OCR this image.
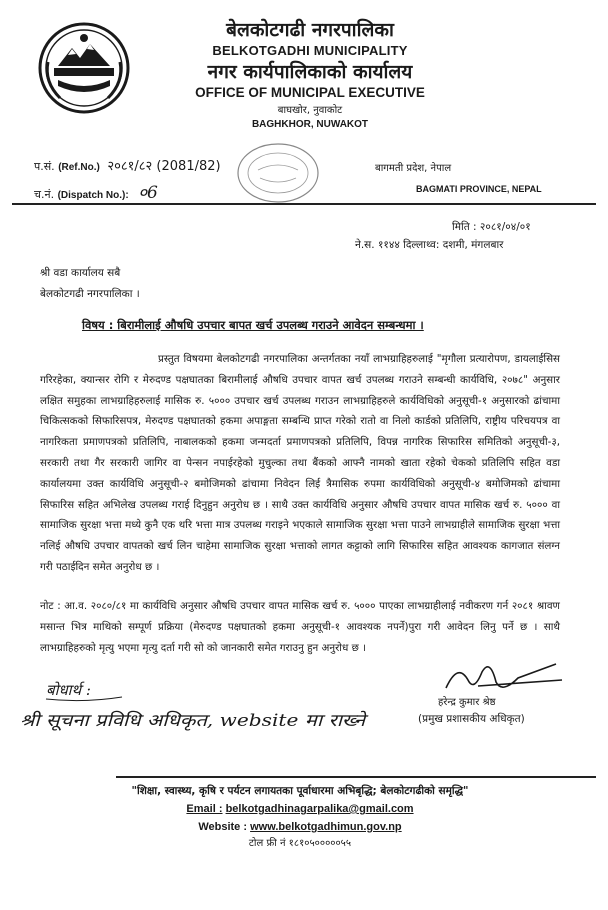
बेलकोटगढी नगरपालिका
BELKOTGADHI MUNICIPALITY
नगर कार्यपालिकाको कार्यालय
OFFICE OF MUNICIPAL EXECUTIVE
बाघखोर, नुवाकोट
BAGHKHOR, NUWAKOT
प.सं. (Ref.No.) २०८१/८२ (2081/82)
च.नं. (Dispatch No.): ०6
बागमती प्रदेश, नेपाल
BAGMATI PROVINCE, NEPAL
मिति : २०८१/०४/०१
ने.स. ११४४ दिल्लाथ्व: दशमी, मंगलबार
श्री वडा कार्यालय सबै
बेलकोटगढी नगरपालिका ।
विषय : बिरामीलाई औषधि उपचार बापत खर्च उपलब्ध गराउने आवेदन सम्बन्धमा ।

प्रस्तुत विषयमा बेलकोटगढी नगरपालिका अन्तर्गतका नयाँ लाभग्राहिहरुलाई "मृगौला प्रत्यारोपण, डायलाईसिस गरिरहेका, क्यान्सर रोगि र मेरुदण्ड पक्षघातका बिरामीलाई औषधि उपचार वापत खर्च उपलब्ध गराउने सम्बन्धी कार्यविधि, २०७८" अनुसार लक्षित समुहका लाभग्राहिहरुलाई मासिक रु. ५००० उपचार खर्च उपलब्ध गराउन लाभग्राहिहरुले कार्यविधिको अनुसूची-१ अनुसारको ढांचामा चिकित्सकको सिफारिसपत्र, मेरुदण्ड पक्षघातको हकमा अपाङ्गता सम्बन्धि प्राप्त गरेको रातो वा निलो कार्डको प्रतिलिपि, राष्ट्रीय परिचयपत्र वा नागरिकता प्रमाणपत्रको प्रतिलिपि, नाबालकको हकमा जन्मदर्ता प्रमाणपत्रको प्रतिलिपि, विपन्न नागरिक सिफारिस समितिको अनुसूची-३, सरकारी तथा गैर सरकारी जागिर वा पेन्सन नपाईरहेको मुचुल्का तथा बैंकको आफ्नै नामको खाता रहेको चेकको प्रतिलिपि सहित वडा कार्यालयमा उक्त कार्यविधि अनुसूची-२ बमोजिमको ढांचामा निवेदन लिई त्रैमासिक रुपमा कार्यविधिको अनुसूची-४ बमोजिमको ढांचामा सिफारिस सहित अभिलेख उपलब्ध गराई दिनुहुन अनुरोध छ । साथै उक्त कार्यविधि अनुसार औषधि उपचार वापत मासिक खर्च रु. ५००० वा सामाजिक सुरक्षा भत्ता मध्ये कुनै एक थरि भत्ता मात्र उपलब्ध गराइने भएकाले सामाजिक सुरक्षा भत्ता पाउने लाभग्राहीले सामाजिक सुरक्षा भत्ता नलिई औषधि उपचार वापतको खर्च लिन चाहेमा सामाजिक सुरक्षा भत्ताको लागत कट्टाको लागि सिफारिस सहित आवश्यक कागजात संलग्न गरी पठाईदिन समेत अनुरोध छ ।

नोट : आ.व. २०८०/८१ मा कार्यविधि अनुसार औषधि उपचार वापत मासिक खर्च रु. ५००० पाएका लाभग्राहीलाई नवीकरण गर्न २०८१ श्रावण मसान्त भित्र माथिको सम्पूर्ण प्रक्रिया (मेरुदण्ड पक्षघातको हकमा अनुसूची-१ आवश्यक नपर्ने)पुरा गरी आवेदन लिनु पर्ने छ । साथै लाभग्राहिहरुको मृत्यु भएमा मृत्यु दर्ता गरी सो को जानकारी समेत गराउनु हुन अनुरोध छ ।

बोधार्थ :
श्री सूचना प्रविधि अधिकृत, website मा राख्ने
हरेन्द्र कुमार श्रेष्ठ
(प्रमुख प्रशासकीय अधिकृत)
"शिक्षा, स्वास्थ्य, कृषि र पर्यटन लगायतका पूर्वाधारमा अभिबृद्धि; बेलकोटगढीको समृद्धि"
Email : belkotgadhinagarpalika@gmail.com
Website : www.belkotgadhimun.gov.np
टोल फ्री नं १८१०५०००००५५
